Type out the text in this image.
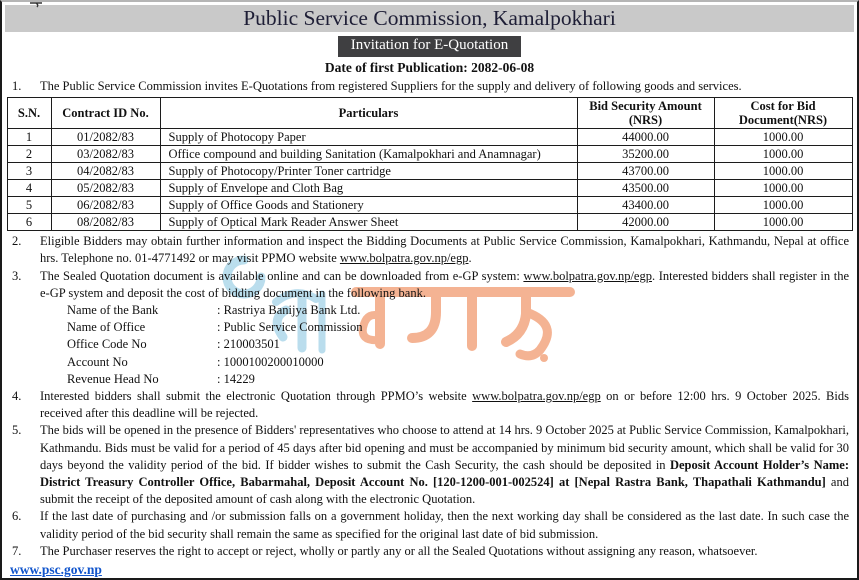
Public Service Commission, Kamalpokhari
Invitation for E-Quotation
Date of first Publication: 2082-06-08
1.	The Public Service Commission invites E-Quotations from registered Suppliers for the supply and delivery of following goods and services.
S.N.	Contract ID No.	Particulars	Bid Security Amount (NRS)	Cost for Bid Document(NRS)
1	01/2082/83	Supply of Photocopy Paper	44000.00	1000.00
2	03/2082/83	Office compound and building Sanitation (Kamalpokhari and Anamnagar)	35200.00	1000.00
3	04/2082/83	Supply of Photocopy/Printer Toner cartridge	43700.00	1000.00
4	05/2082/83	Supply of Envelope and Cloth Bag	43500.00	1000.00
5	06/2082/83	Supply of Office Goods and Stationery	43400.00	1000.00
6	08/2082/83	Supply of Optical Mark Reader Answer Sheet	42000.00	1000.00
2.	Eligible Bidders may obtain further information and inspect the Bidding Documents at Public Service Commission, Kamalpokhari, Kathmandu, Nepal at office hrs. Telephone no. 01-4771492 or may visit PPMO website www.bolpatra.gov.np/egp.
3.	The Sealed Quotation document is available online and can be downloaded from e-GP system: www.bolpatra.gov.np/egp. Interested bidders shall register in the e-GP system and deposit the cost of bidding document in the following bank.
Name of the Bank	: Rastriya Banijya Bank Ltd.
Name of Office	: Public Service Commission
Office Code No	: 210003501
Account No	: 1000100200010000
Revenue Head No	: 14229
4.	Interested bidders shall submit the electronic Quotation through PPMO’s website www.bolpatra.gov.np/egp on or before 12:00 hrs. 9 October 2025. Bids received after this deadline will be rejected.
5.	The bids will be opened in the presence of Bidders' representatives who choose to attend at 14 hrs. 9 October 2025 at Public Service Commission, Kamalpokhari, Kathmandu. Bids must be valid for a period of 45 days after bid opening and must be accompanied by minimum bid security amount, which shall be valid for 30 days beyond the validity period of the bid. If bidder wishes to submit the Cash Security, the cash should be deposited in Deposit Account Holder’s Name: District Treasury Controller Office, Babarmahal, Deposit Account No. [120-1200-001-002524] at [Nepal Rastra Bank, Thapathali Kathmandu] and submit the receipt of the deposited amount of cash along with the electronic Quotation.
6.	If the last date of purchasing and /or submission falls on a government holiday, then the next working day shall be considered as the last date. In such case the validity period of the bid security shall remain the same as specified for the original last date of bid submission.
7.	The Purchaser reserves the right to accept or reject, wholly or partly any or all the Sealed Quotations without assigning any reason, whatsoever.
www.psc.gov.np
